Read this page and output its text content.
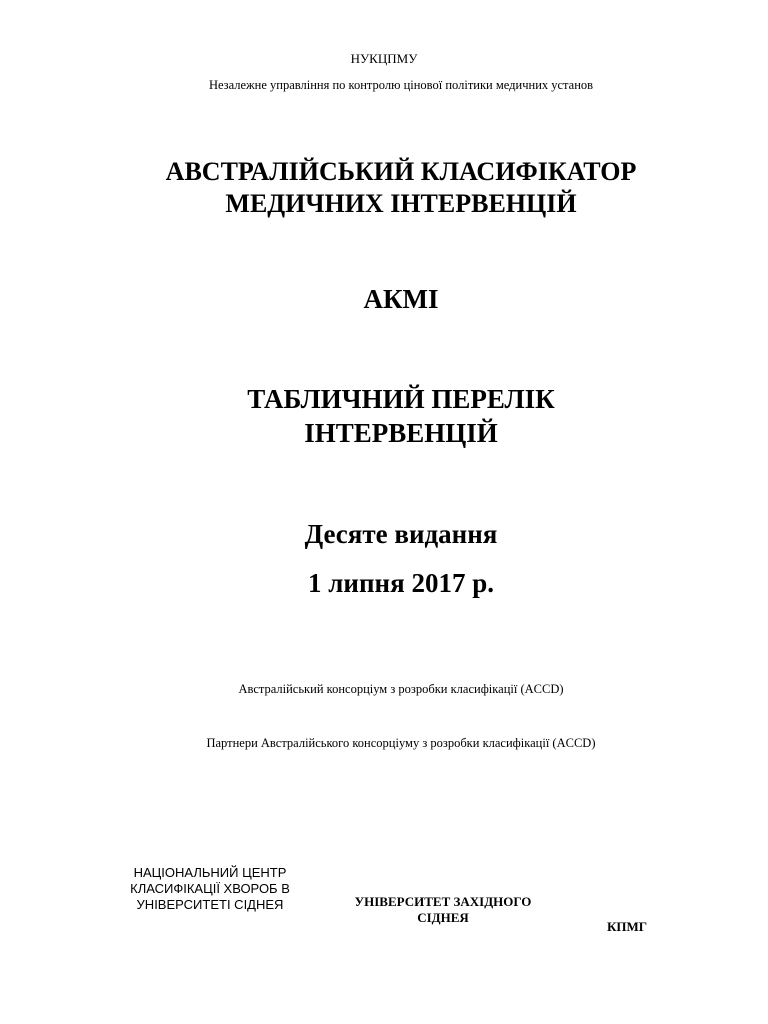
НУКЦПМУ
Незалежне управління по контролю цінової політики медичних установ
АВСТРАЛІЙСЬКИЙ КЛАСИФІКАТОР
МЕДИЧНИХ ІНТЕРВЕНЦІЙ
АКМІ
ТАБЛИЧНИЙ ПЕРЕЛІК
ІНТЕРВЕНЦІЙ
Десяте видання
1 липня 2017 р.
Австралійський консорціум з розробки класифікації (ACCD)
Партнери Австралійського консорціуму з розробки класифікації (ACCD)
НАЦІОНАЛЬНИЙ ЦЕНТР
КЛАСИФІКАЦІЇ ХВОРОБ В
УНІВЕРСИТЕТІ СІДНЕЯ	УНІВЕРСИТЕТ ЗАХІДНОГО
СІДНЕЯ
КПМГ
